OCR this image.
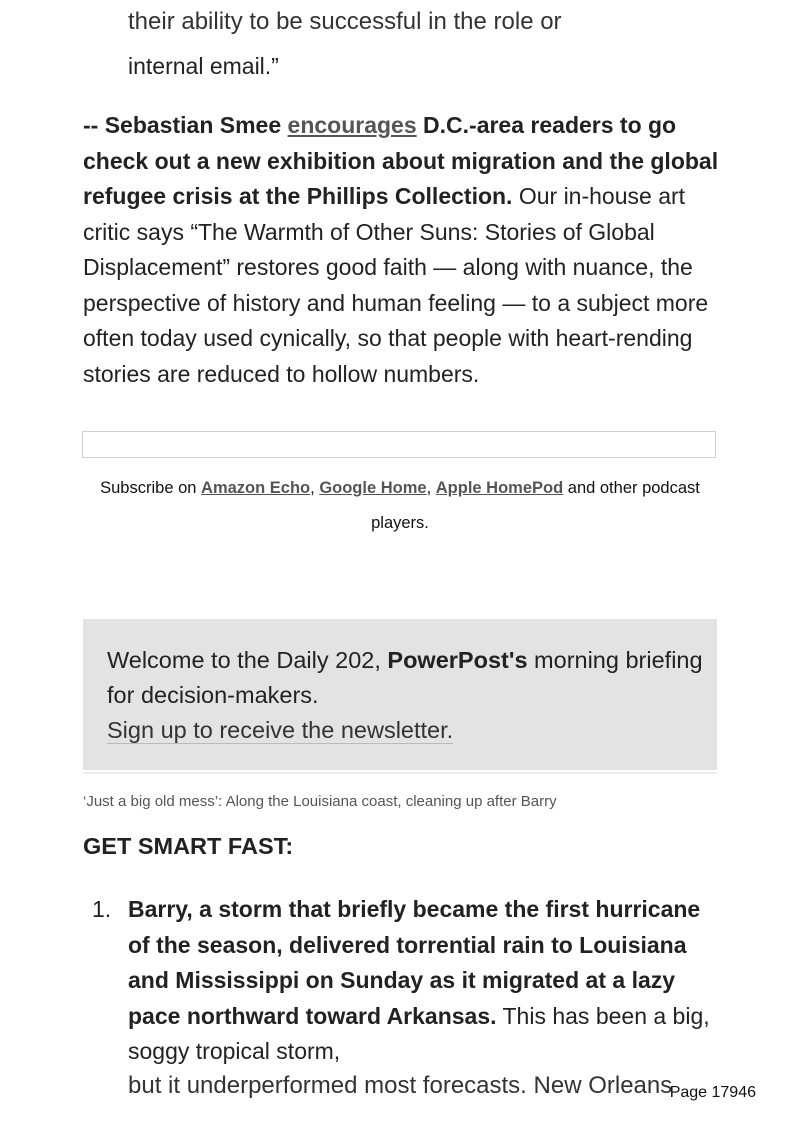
their ability to be successful in the role or
internal email.”
-- Sebastian Smee encourages D.C.-area readers to go check out a new exhibition about migration and the global refugee crisis at the Phillips Collection. Our in-house art critic says “The Warmth of Other Suns: Stories of Global Displacement” restores good faith — along with nuance, the perspective of history and human feeling — to a subject more often today used cynically, so that people with heart-rending stories are reduced to hollow numbers.
Subscribe on Amazon Echo, Google Home, Apple HomePod and other podcast players.
Welcome to the Daily 202, PowerPost's morning briefing for decision-makers.
Sign up to receive the newsletter.
‘Just a big old mess’: Along the Louisiana coast, cleaning up after Barry
GET SMART FAST:
1. Barry, a storm that briefly became the first hurricane of the season, delivered torrential rain to Louisiana and Mississippi on Sunday as it migrated at a lazy pace northward toward Arkansas. This has been a big, soggy tropical storm,
but it underperformed most forecasts. New Orleans
Page 17946
